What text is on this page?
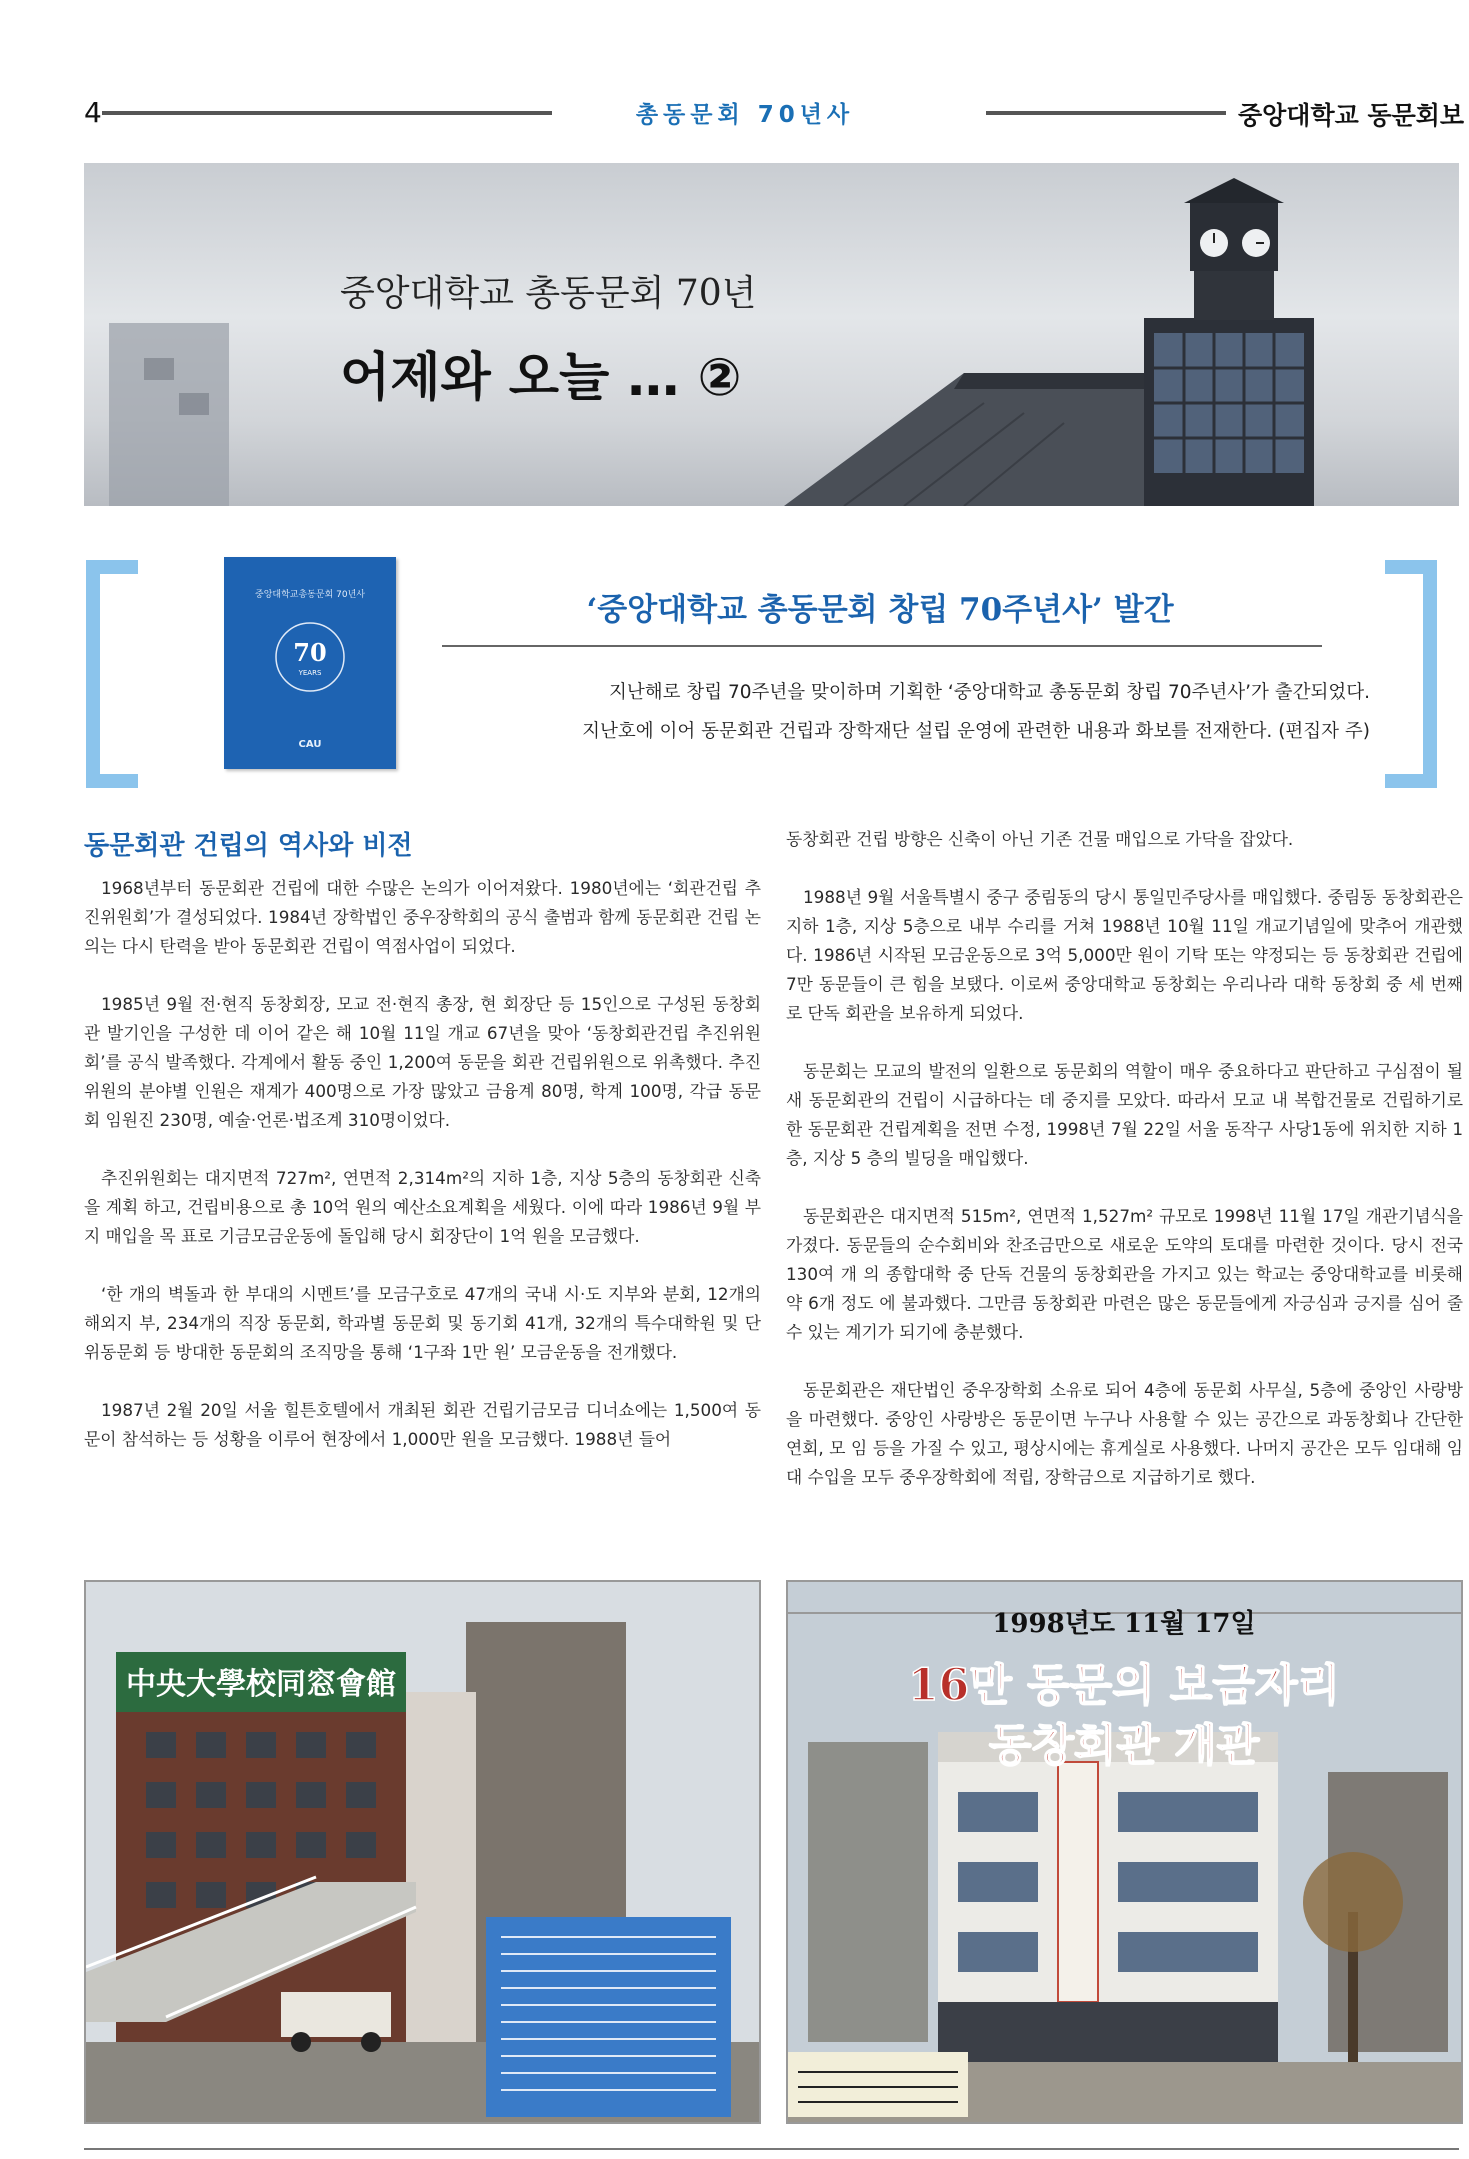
4	총동문회 70년사	중앙대학교 동문회보
중앙대학교 총동문회 70년
어제와 오늘 … ②
중앙대학교총동문회 70년사
70
YEARS
CAU
‘중앙대학교 총동문회 창립 70주년사’ 발간
지난해로 창립 70주년을 맞이하며 기획한 ‘중앙대학교 총동문회 창립 70주년사’가 출간되었다.
지난호에 이어 동문회관 건립과 장학재단 설립 운영에 관련한 내용과 화보를 전재한다. (편집자 주)
동문회관 건립의 역사와 비전

1968년부터 동문회관 건립에 대한 수많은 논의가 이어져왔다. 1980년에는 ‘회관건립 추진위원회’가 결성되었다. 1984년 장학법인 중우장학회의 공식 출범과 함께 동문회관 건립 논의는 다시 탄력을 받아 동문회관 건립이 역점사업이 되었다.

1985년 9월 전·현직 동창회장, 모교 전·현직 총장, 현 회장단 등 15인으로 구성된 동창회관 발기인을 구성한 데 이어 같은 해 10월 11일 개교 67년을 맞아 ‘동창회관건립 추진위원회’를 공식 발족했다. 각계에서 활동 중인 1,200여 동문을 회관 건립위원으로 위촉했다. 추진위원의 분야별 인원은 재계가 400명으로 가장 많았고 금융계 80명, 학계 100명, 각급 동문회 임원진 230명, 예술·언론·법조계 310명이었다.

추진위원회는 대지면적 727m², 연면적 2,314m²의 지하 1층, 지상 5층의 동창회관 신축을 계획 하고, 건립비용으로 총 10억 원의 예산소요계획을 세웠다. 이에 따라 1986년 9월 부지 매입을 목 표로 기금모금운동에 돌입해 당시 회장단이 1억 원을 모금했다.

‘한 개의 벽돌과 한 부대의 시멘트’를 모금구호로 47개의 국내 시·도 지부와 분회, 12개의 해외지 부, 234개의 직장 동문회, 학과별 동문회 및 동기회 41개, 32개의 특수대학원 및 단위동문회 등 방대한 동문회의 조직망을 통해 ‘1구좌 1만 원’ 모금운동을 전개했다.

1987년 2월 20일 서울 힐튼호텔에서 개최된 회관 건립기금모금 디너쇼에는 1,500여 동문이 참석하는 등 성황을 이루어 현장에서 1,000만 원을 모금했다. 1988년 들어

동창회관 건립 방향은 신축이 아닌 기존 건물 매입으로 가닥을 잡았다.

1988년 9월 서울특별시 중구 중림동의 당시 통일민주당사를 매입했다. 중림동 동창회관은 지하 1층, 지상 5층으로 내부 수리를 거쳐 1988년 10월 11일 개교기념일에 맞추어 개관했다. 1986년 시작된 모금운동으로 3억 5,000만 원이 기탁 또는 약정되는 등 동창회관 건립에 7만 동문들이 큰 힘을 보탰다. 이로써 중앙대학교 동창회는 우리나라 대학 동창회 중 세 번째로 단독 회관을 보유하게 되었다.

동문회는 모교의 발전의 일환으로 동문회의 역할이 매우 중요하다고 판단하고 구심점이 될 새 동문회관의 건립이 시급하다는 데 중지를 모았다. 따라서 모교 내 복합건물로 건립하기로 한 동문회관 건립계획을 전면 수정, 1998년 7월 22일 서울 동작구 사당1동에 위치한 지하 1층, 지상 5 층의 빌딩을 매입했다.

동문회관은 대지면적 515m², 연면적 1,527m² 규모로 1998년 11월 17일 개관기념식을 가졌다. 동문들의 순수회비와 찬조금만으로 새로운 도약의 토대를 마련한 것이다. 당시 전국 130여 개 의 종합대학 중 단독 건물의 동창회관을 가지고 있는 학교는 중앙대학교를 비롯해 약 6개 정도 에 불과했다. 그만큼 동창회관 마련은 많은 동문들에게 자긍심과 긍지를 심어 줄 수 있는 계기가 되기에 충분했다.

동문회관은 재단법인 중우장학회 소유로 되어 4층에 동문회 사무실, 5층에 중앙인 사랑방을 마련했다. 중앙인 사랑방은 동문이면 누구나 사용할 수 있는 공간으로 과동창회나 간단한 연회, 모 임 등을 가질 수 있고, 평상시에는 휴게실로 사용했다. 나머지 공간은 모두 임대해 임대 수입을 모두 중우장학회에 적립, 장학금으로 지급하기로 했다.

中央大學校同窓會館
1998년도 11월 17일
16만 동문의 보금자리
동창회관 개관
